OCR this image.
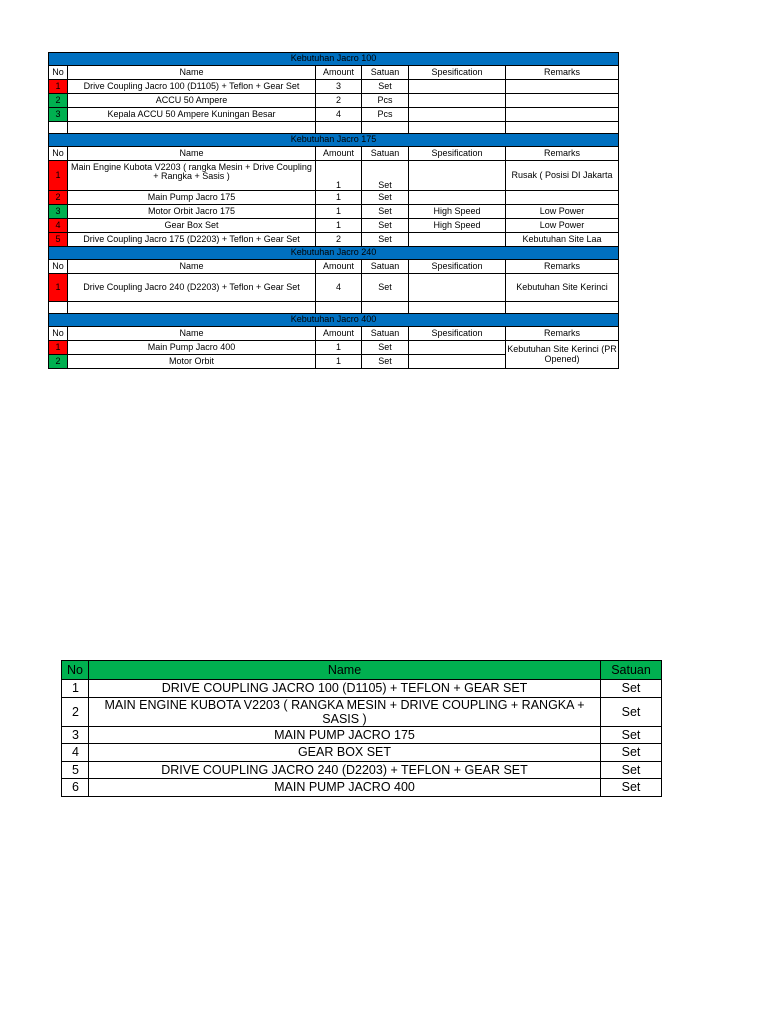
Kebutuhan Jacro 100					
No	Name	Amount	Satuan	Spesification	Remarks
1	Drive Coupling Jacro 100 (D1105) + Teflon + Gear Set	3	Set		
2	ACCU 50 Ampere	2	Pcs		
3	Kepala ACCU 50 Ampere Kuningan Besar	4	Pcs		

Kebutuhan Jacro 175					
No	Name	Amount	Satuan	Spesification	Remarks
1	Main Engine Kubota V2203 ( rangka Mesin + Drive Coupling + Rangka + Sasis )	1	Set		Rusak ( Posisi DI Jakarta
2	Main Pump Jacro 175	1	Set		
3	Motor Orbit Jacro 175	1	Set	High Speed	Low Power
4	Gear Box Set	1	Set	High Speed	Low Power
5	Drive Coupling Jacro 175 (D2203) + Teflon + Gear Set	2	Set		Kebutuhan Site Laa
Kebutuhan Jacro 240					
No	Name	Amount	Satuan	Spesification	Remarks
1	Drive Coupling Jacro 240 (D2203) + Teflon + Gear Set	4	Set		Kebutuhan Site Kerinci

Kebutuhan Jacro 400					
No	Name	Amount	Satuan	Spesification	Remarks
1	Main Pump Jacro 400	1	Set		Kebutuhan Site Kerinci (PR Opened)
2	Motor Orbit	1	Set		
No	Name	Satuan
1	DRIVE COUPLING JACRO 100 (D1105) + TEFLON + GEAR SET	Set
2	MAIN ENGINE KUBOTA V2203 ( RANGKA MESIN + DRIVE COUPLING + RANGKA + SASIS )	Set
3	MAIN PUMP JACRO 175	Set
4	GEAR BOX SET	Set
5	DRIVE COUPLING JACRO 240 (D2203) + TEFLON + GEAR SET	Set
6	MAIN PUMP JACRO 400	Set
